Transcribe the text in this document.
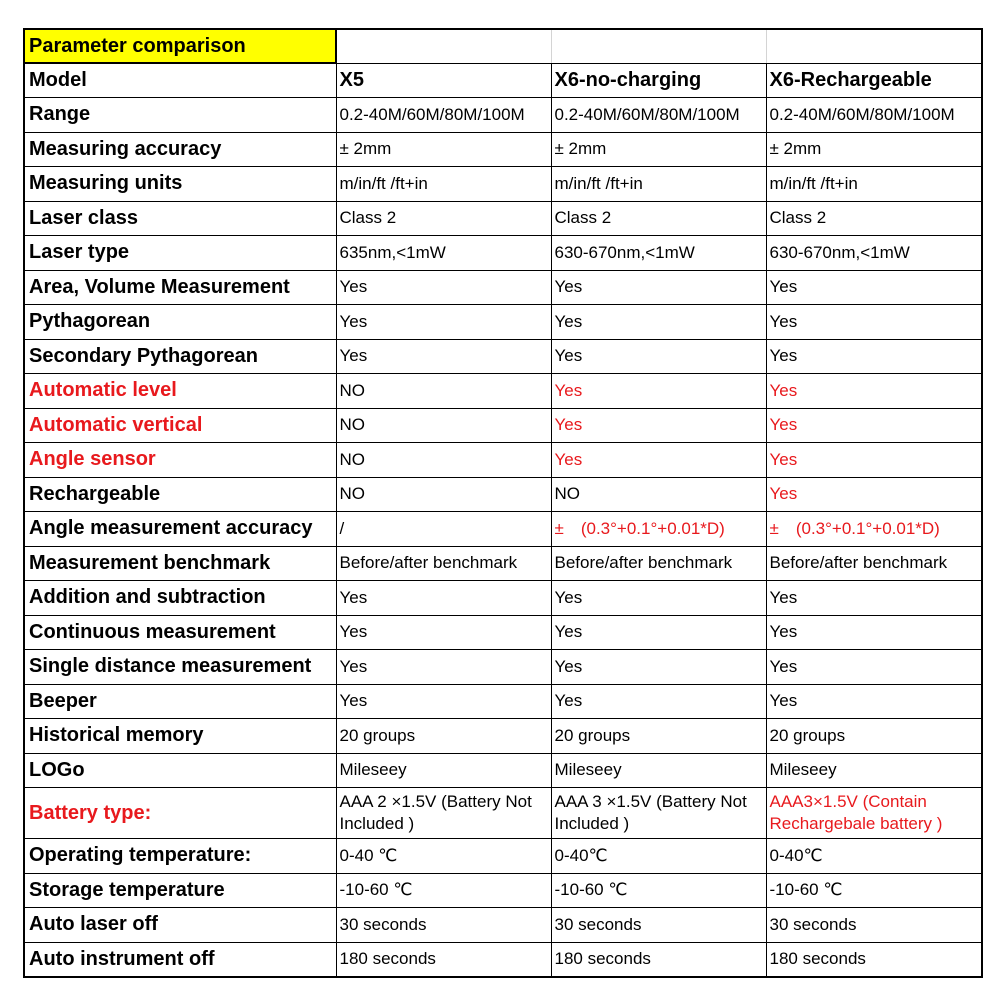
Parameter comparison			
Model	X5	X6-no-charging	X6-Rechargeable
Range	0.2-40M/60M/80M/100M	0.2-40M/60M/80M/100M	0.2-40M/60M/80M/100M
Measuring accuracy	± 2mm	± 2mm	± 2mm
Measuring units	m/in/ft /ft+in	m/in/ft /ft+in	m/in/ft /ft+in
Laser class	Class 2	Class 2	Class 2
Laser type	635nm,<1mW	630-670nm,<1mW	630-670nm,<1mW
Area, Volume Measurement	Yes	Yes	Yes
Pythagorean	Yes	Yes	Yes
Secondary Pythagorean	Yes	Yes	Yes
Automatic level	NO	Yes	Yes
Automatic vertical	NO	Yes	Yes
Angle sensor	NO	Yes	Yes
Rechargeable	NO	NO	Yes
Angle measurement accuracy	/	±　(0.3°+0.1°+0.01*D)	±　(0.3°+0.1°+0.01*D)
Measurement benchmark	Before/after benchmark	Before/after benchmark	Before/after benchmark
Addition and subtraction	Yes	Yes	Yes
Continuous measurement	Yes	Yes	Yes
Single distance measurement	Yes	Yes	Yes
Beeper	Yes	Yes	Yes
Historical memory	20 groups	20 groups	20 groups
LOGo	Mileseey	Mileseey	Mileseey
Battery type:	AAA 2 ×1.5V (Battery Not Included )	AAA 3 ×1.5V (Battery Not Included )	AAA3×1.5V (Contain Rechargebale battery )
Operating temperature:	0-40 ℃	0-40℃	0-40℃
Storage temperature	-10-60 ℃	-10-60 ℃	-10-60 ℃
Auto laser off	30 seconds	30 seconds	30 seconds
Auto instrument off	180 seconds	180 seconds	180 seconds
